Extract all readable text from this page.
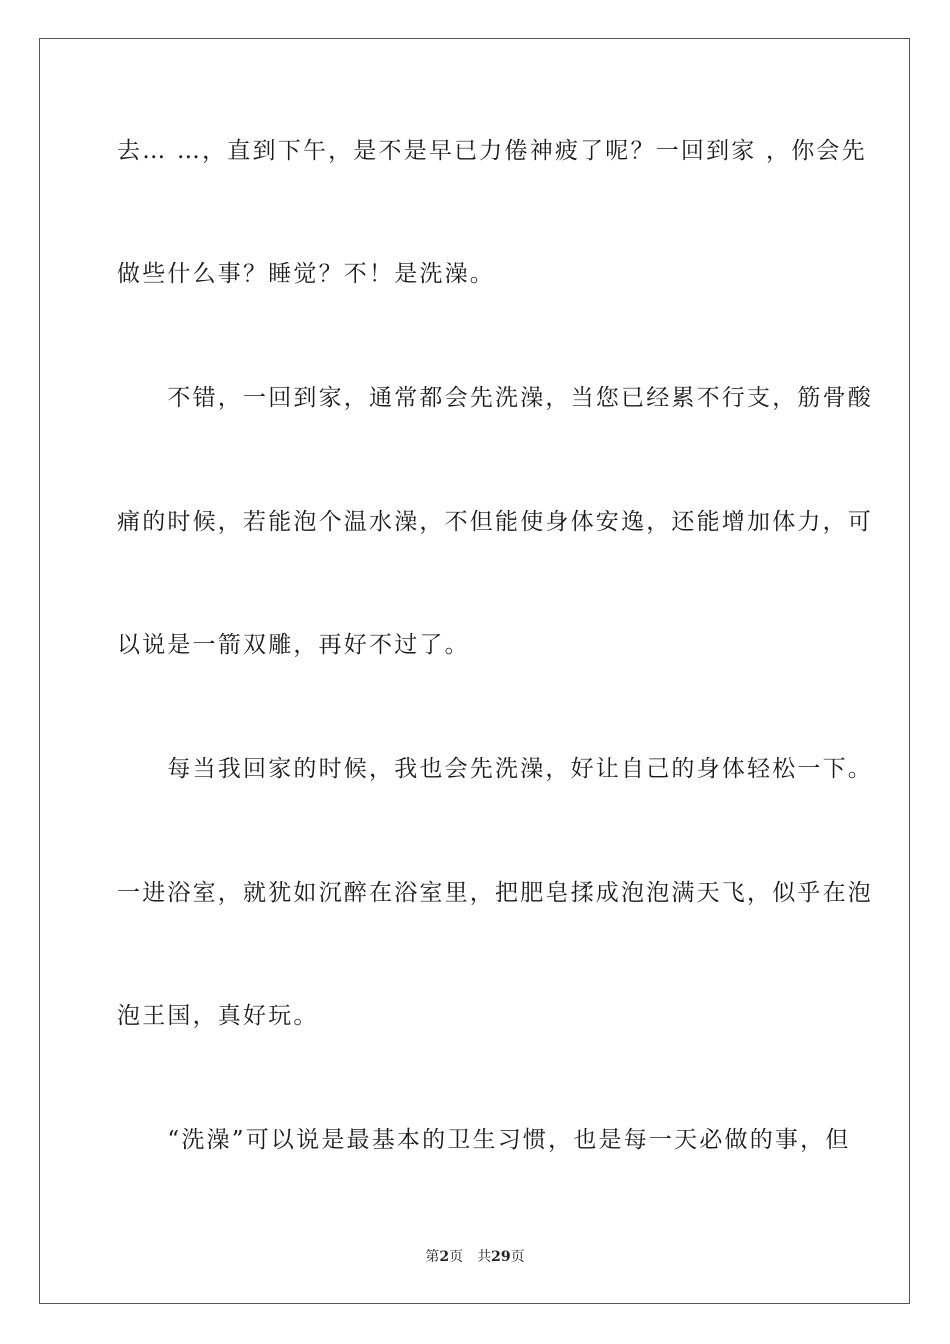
去… …，直到下午，是不是早已力倦神疲了呢？一回到家 ，你会先
做些什么事？睡觉？不！是洗澡。
　　不错，一回到家，通常都会先洗澡，当您已经累不行支，筋骨酸
痛的时候，若能泡个温水澡，不但能使身体安逸，还能增加体力，可
以说是一箭双雕，再好不过了。
　　每当我回家的时候，我也会先洗澡，好让自己的身体轻松一下。
一进浴室，就犹如沉醉在浴室里，把肥皂揉成泡泡满天飞，似乎在泡
泡王国，真好玩。
　　“洗澡”可以说是最基本的卫生习惯，也是每一天必做的事，但
第2页 共29页
